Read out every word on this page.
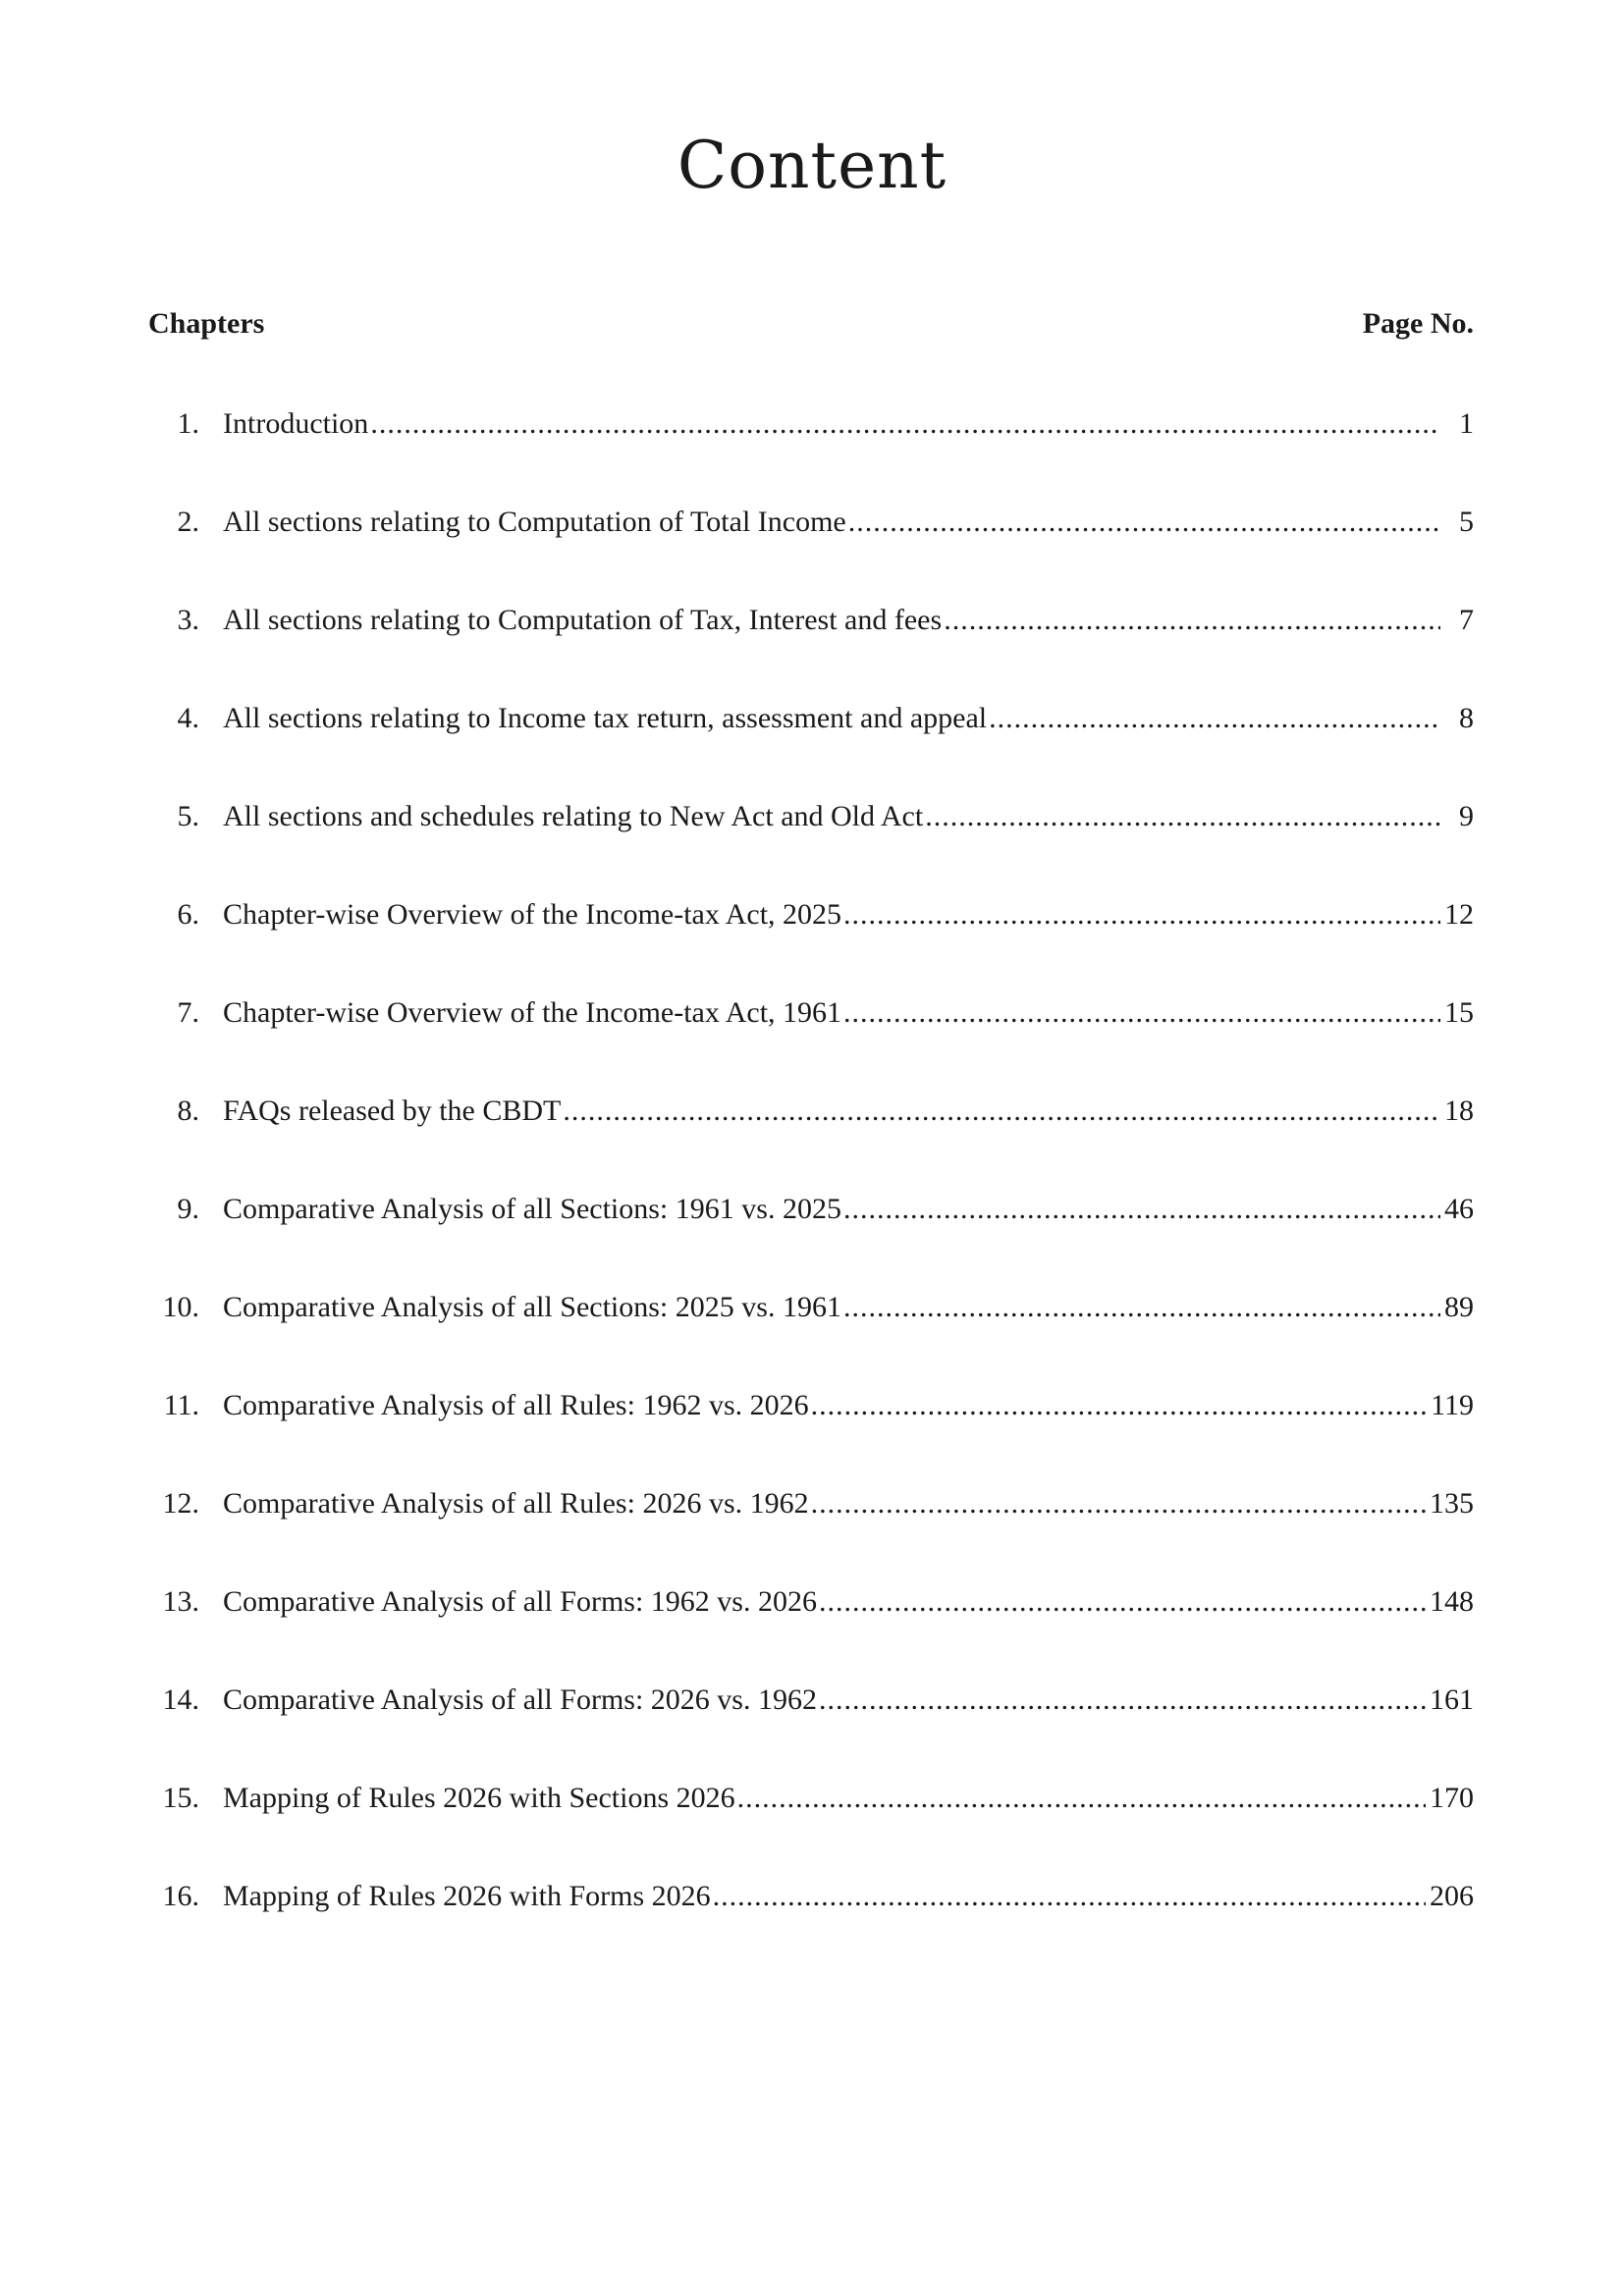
Content
Chapters	Page No.
1. Introduction .....	1
2. All sections relating to Computation of Total Income .....	5
3. All sections relating to Computation of Tax, Interest and fees .....	7
4. All sections relating to Income tax return, assessment and appeal .....	8
5. All sections and schedules relating to New Act and Old Act .....	9
6. Chapter-wise Overview of the Income-tax Act, 2025 .....	12
7. Chapter-wise Overview of the Income-tax Act, 1961 .....	15
8. FAQs released by the CBDT .....	18
9. Comparative Analysis of all Sections: 1961 vs. 2025 .....	46
10. Comparative Analysis of all Sections: 2025 vs. 1961 .....	89
11. Comparative Analysis of all Rules: 1962 vs. 2026 .....	119
12. Comparative Analysis of all Rules: 2026 vs. 1962 .....	135
13. Comparative Analysis of all Forms: 1962 vs. 2026 .....	148
14. Comparative Analysis of all Forms: 2026 vs. 1962 .....	161
15. Mapping of Rules 2026 with Sections 2026 .....	170
16. Mapping of Rules 2026 with Forms 2026 .....	206
